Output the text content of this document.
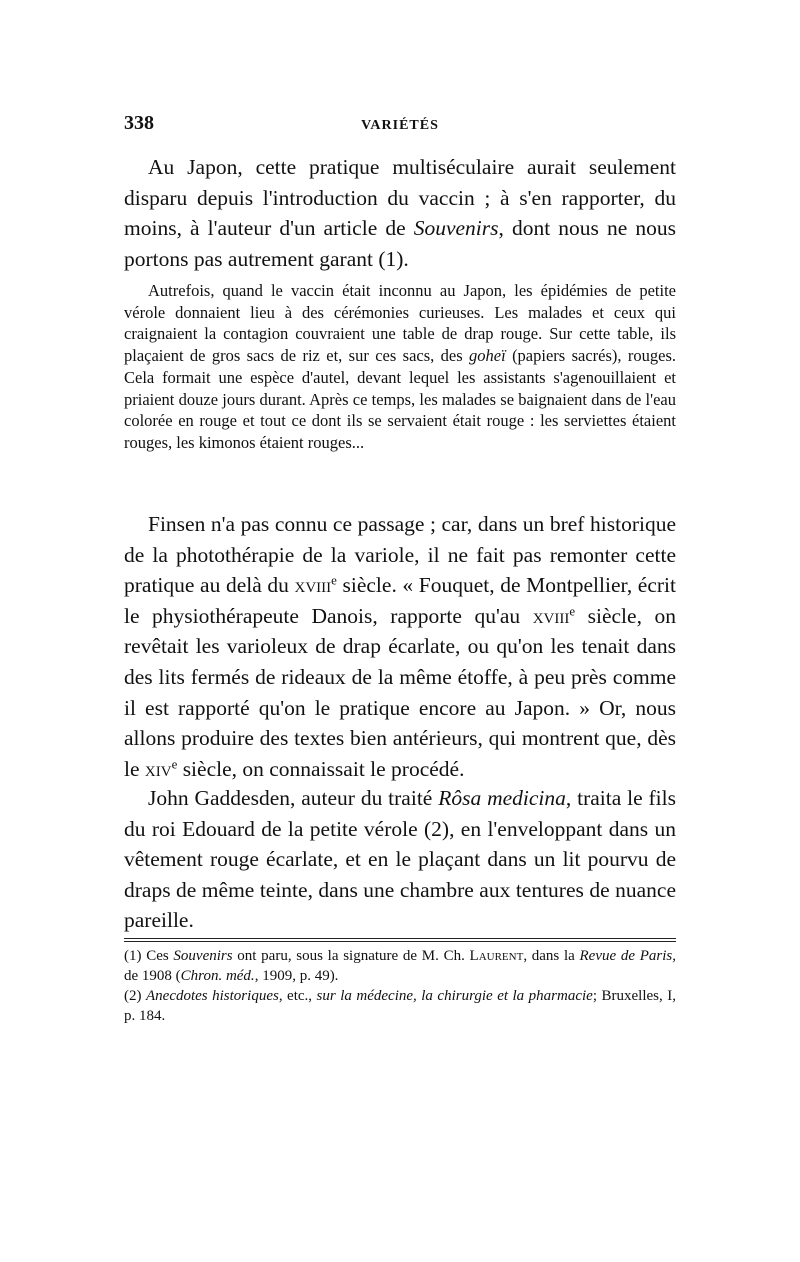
338	VARIÉTÉS

Au Japon, cette pratique multiséculaire aurait seulement disparu depuis l'introduction du vaccin ; à s'en rapporter, du moins, à l'auteur d'un article de Souvenirs, dont nous ne nous portons pas autrement garant (1).

Autrefois, quand le vaccin était inconnu au Japon, les épidémies de petite vérole donnaient lieu à des cérémonies curieuses. Les malades et ceux qui craignaient la contagion couvraient une table de drap rouge. Sur cette table, ils plaçaient de gros sacs de riz et, sur ces sacs, des goheï (papiers sacrés), rouges. Cela formait une espèce d'autel, devant lequel les assistants s'agenouillaient et priaient douze jours durant. Après ce temps, les malades se baignaient dans de l'eau colorée en rouge et tout ce dont ils se servaient était rouge : les serviettes étaient rouges, les kimonos étaient rouges...

Finsen n'a pas connu ce passage ; car, dans un bref historique de la photothérapie de la variole, il ne fait pas remonter cette pratique au delà du xviii$^e$ siècle. « Fouquet, de Montpellier, écrit le physiothérapeute Danois, rapporte qu'au xviii$^e$ siècle, on revêtait les varioleux de drap écarlate, ou qu'on les tenait dans des lits fermés de rideaux de la même étoffe, à peu près comme il est rapporté qu'on le pratique encore au Japon. » Or, nous allons produire des textes bien antérieurs, qui montrent que, dès le xiv$^e$ siècle, on connaissait le procédé.

John Gaddesden, auteur du traité Rôsa medicina, traita le fils du roi Edouard de la petite vérole (2), en l'enveloppant dans un vêtement rouge écarlate, et en le plaçant dans un lit pourvu de draps de même teinte, dans une chambre aux tentures de nuance pareille.

(1) Ces Souvenirs ont paru, sous la signature de M. Ch. Laurent, dans la Revue de Paris, de 1908 (Chron. méd., 1909, p. 49).

(2) Anecdotes historiques, etc., sur la médecine, la chirurgie et la pharmacie; Bruxelles, I, p. 184.
